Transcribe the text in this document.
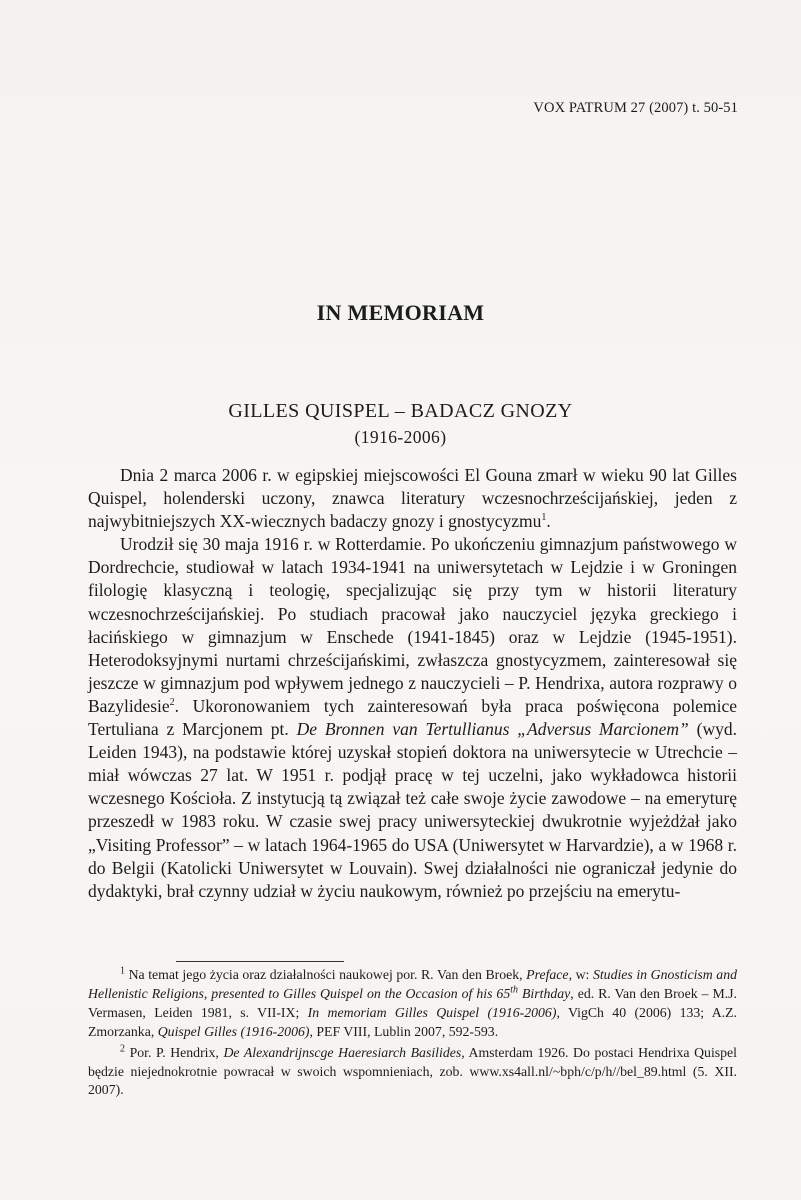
VOX PATRUM 27 (2007) t. 50-51
IN MEMORIAM
GILLES QUISPEL – BADACZ GNOZY
(1916-2006)

Dnia 2 marca 2006 r. w egipskiej miejscowości El Gouna zmarł w wieku 90 lat Gilles Quispel, holenderski uczony, znawca literatury wczesnochrześcijańskiej, jeden z najwybitniejszych XX-wiecznych badaczy gnozy i gnostycyzmu$^1$.

Urodził się 30 maja 1916 r. w Rotterdamie. Po ukończeniu gimnazjum państwowego w Dordrechcie, studiował w latach 1934-1941 na uniwersytetach w Lejdzie i w Groningen filologię klasyczną i teologię, specjalizując się przy tym w historii literatury wczesnochrześcijańskiej. Po studiach pracował jako nauczyciel języka greckiego i łacińskiego w gimnazjum w Enschede (1941-1845) oraz w Lejdzie (1945-1951). Heterodoksyjnymi nurtami chrześcijańskimi, zwłaszcza gnostycyzmem, zainteresował się jeszcze w gimnazjum pod wpływem jednego z nauczycieli – P. Hendrixa, autora rozprawy o Bazylidesie$^2$. Ukoronowaniem tych zainteresowań była praca poświęcona polemice Tertuliana z Marcjonem pt. De Bronnen van Tertullianus „Adversus Marcionem” (wyd. Leiden 1943), na podstawie której uzyskał stopień doktora na uniwersytecie w Utrechcie – miał wówczas 27 lat. W 1951 r. podjął pracę w tej uczelni, jako wykładowca historii wczesnego Kościoła. Z instytucją tą związał też całe swoje życie zawodowe – na emeryturę przeszedł w 1983 roku. W czasie swej pracy uniwersyteckiej dwukrotnie wyjeżdżał jako „Visiting Professor” – w latach 1964-1965 do USA (Uniwersytet w Harvardzie), a w 1968 r. do Belgii (Katolicki Uniwersytet w Louvain). Swej działalności nie ograniczał jedynie do dydaktyki, brał czynny udział w życiu naukowym, również po przejściu na emerytu-

$^1$ Na temat jego życia oraz działalności naukowej por. R. Van den Broek, Preface, w: Studies in Gnosticism and Hellenistic Religions, presented to Gilles Quispel on the Occasion of his 65th Birthday, ed. R. Van den Broek – M.J. Vermasen, Leiden 1981, s. VII-IX; In memoriam Gilles Quispel (1916-2006), VigCh 40 (2006) 133; A.Z. Zmorzanka, Quispel Gilles (1916-2006), PEF VIII, Lublin 2007, 592-593.

$^2$ Por. P. Hendrix, De Alexandrijnscge Haeresiarch Basilides, Amsterdam 1926. Do postaci Hendrixa Quispel będzie niejednokrotnie powracał w swoich wspomnieniach, zob. www.xs4all.nl/~bph/c/p/h//bel_89.html (5. XII. 2007).
